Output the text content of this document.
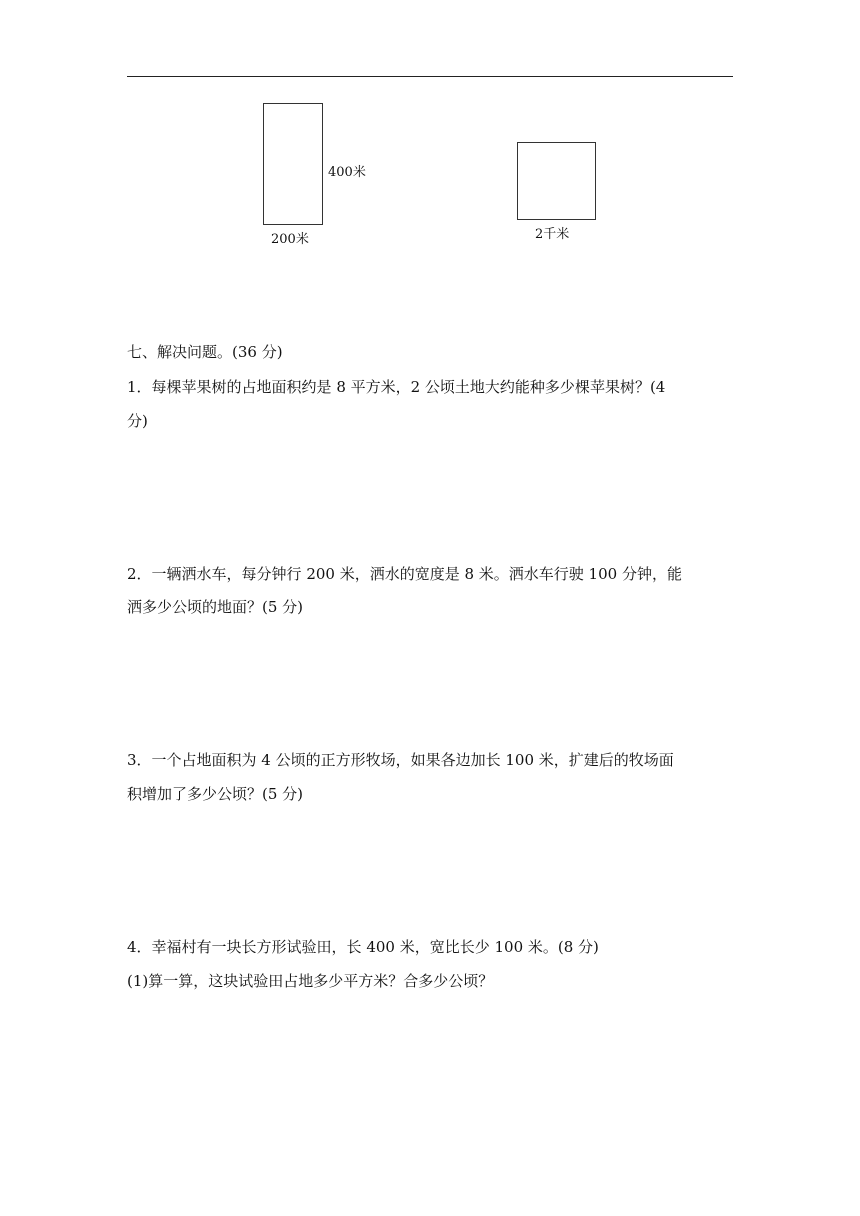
400米
200米	2千米
七、解决问题。(36 分)
1．每棵苹果树的占地面积约是 8 平方米，2 公顷土地大约能种多少棵苹果树？(4
分)
2．一辆洒水车，每分钟行 200 米，洒水的宽度是 8 米。洒水车行驶 100 分钟，能
洒多少公顷的地面？(5 分)
3．一个占地面积为 4 公顷的正方形牧场，如果各边加长 100 米，扩建后的牧场面
积增加了多少公顷？(5 分)
4．幸福村有一块长方形试验田，长 400 米，宽比长少 100 米。(8 分)
(1)算一算，这块试验田占地多少平方米？合多少公顷？
